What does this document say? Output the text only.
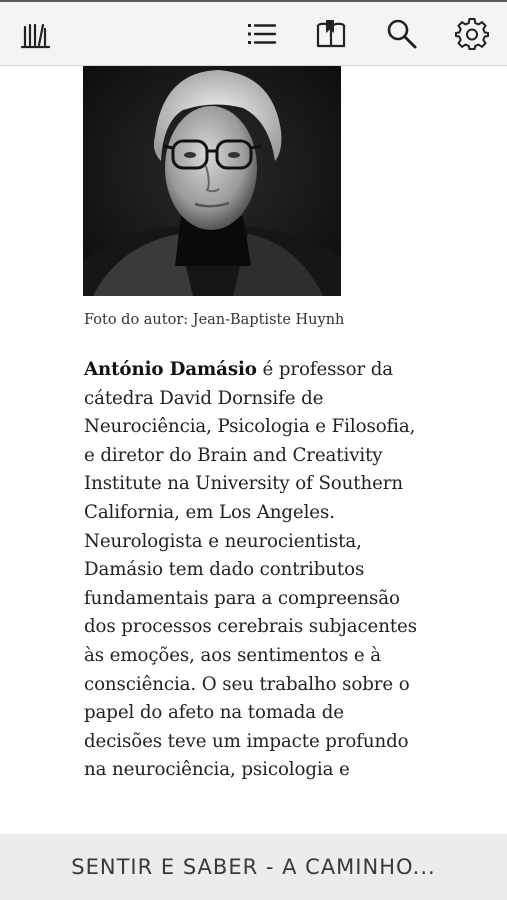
Foto do autor: Jean-Baptiste Huynh
António Damásio é professor da cátedra David Dornsife de Neurociência, Psicologia e Filosofia, e diretor do Brain and Creativity Institute na University of Southern California, em Los Angeles. Neurologista e neurocientista, Damásio tem dado contributos fundamentais para a compreensão dos processos cerebrais subjacentes às emoções, aos sentimentos e à consciência. O seu trabalho sobre o papel do afeto na tomada de decisões teve um impacte profundo na neurociência, psicologia e
SENTIR E SABER - A CAMINHO...
